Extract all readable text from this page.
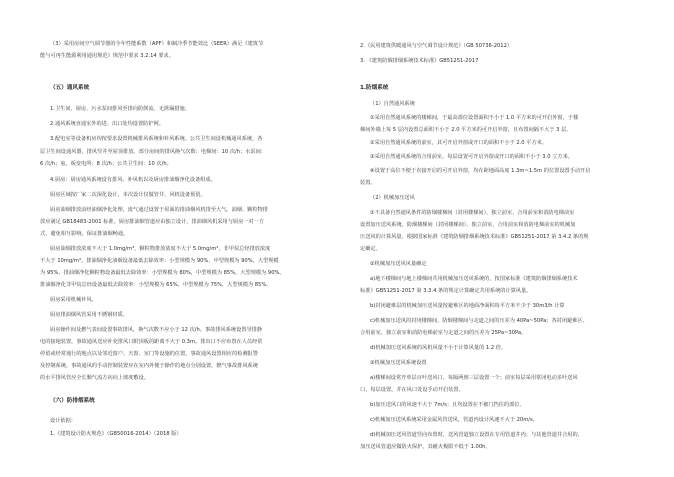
（3）采用房间空气调节器的全年性能系数（APF）和制冷季节能效比（SEER）满足《建筑节
能与可再生能源利用通用规范》规范中要求 3.2.14 要求。
（五）通风系统
1.卫生间、厨房、污水泵间排风至排向防倒流、无泄漏措施。
2.通风系统直通室外的进、出口处均设置防护网。
3.配电室等设备机房均按要求设置机械排风系统和补风系统。公共卫生间设机械通风系统，各
层卫生间设通风器，排风竖井至屋顶排放。部分房间的排风换气次数：电梯间：10 次/h；水泵间：
6 次/h；庖、板变电所：8 次/h；公共卫生间：10 次/h。
4.厨房：厨房通风系统设有排风、补风机以及厨房排油烟净化设备组成。
厨房区域按厂家二次深化设计，本次设计仅做管井、风机设备预留。
厨房油烟排放前经油烟净化处理，废气通过设置于屋面的排油烟风机排至大气。油烟、颗粒物排
放应满足 GB18483-2001 标准。厨房排油烟管道应由独立设计，排油烟风机采用与厨房一对一方
式，避免相互影响，保证排油烟畅通。
厨房油烟排放浓度不大于 1.0mg/m³，颗粒物排放浓度不大于 5.0mg/m³，非甲烷总烃排放浓度
不大于 10mg/m³。排油烟净化油烟设备最低去除效率：小型规模为 90%，中型规模为 90%，大型规模
为 95%。排油烟净化颗粒物设备最低去除效率：小型规模为 80%，中型规模为 85%，大型规模为 90%。
排油烟净化非甲烷总烃设备最低去除效率：小型规模为 65%，中型规模为 75%，大型规模为 85%。
厨房采用机械补风。
厨房排油烟风管采用不锈钢材质。
厨房操作间及燃气表间设置事故排风，换气次数不应小于 12 次/h。事故排风系统设置导排静
电的接地装置。事故通风送应补充排风口附顶板的距离不大于 0.3m。排出口不应布置在人员经常
停留或经常通行的地点以及邻近窗户、天窗、室门等设施的位置。事故通风设置相应的检测报警
及控制系统。事故通风的手动控制装置应在室内外便于操作的地点分别设置。燃气事故排风系统
的水平排风管应全长顺气流方向向上坡度敷设。
（六）防排烟系统
设计依据：
1.《建筑设计防火规范》（GB50016-2014）（2018 版）
2.《民用建筑供暖通风与空气调节设计规范》（GB 50736-2012）
3. 《建筑防烟排烟系统技术标准》GB51251-2017
1.防烟系统
（1）自然通风系统
①采用自然通风系统的楼梯间，于最高部位设置面积不小于 1.0 平方米的可开启外窗，于楼
梯间外墙上每 5 层内设置总面积不小于 2.0 平方米的可开启外窗，且布置间隔不大于 3 层。
②采用自然通风系统的前室，其可开启外窗或开口的面积不小于 2.0 平方米。
③采用自然通风系统的合用前室，每层设置可开启外窗或开口的面积不小于 3.0 立方米。
④设置于高位不便于直接开启的可开启外窗，均在距地面高度 1.3m~1.5m 的位置设置手动开启
装置。
（2）机械加压送风
①不具备自然通风条件的防烟楼梯间（封闭楼梯间）、独立前室、合用前室和消防电梯前室
设置加压送风系统。防烟楼梯间（封闭楼梯间）、独立前室、合用前室和消防电梯前室的机械加
压送风的计算风量，根据国家标准《建筑防烟排烟系统技术标准》GB51251-2017 第 3.4.2 条的规
定确定。
②机械加压送风风量确定
a)地下楼梯间与地上楼梯间共用机械加压送风系统的，按国家标准《建筑防烟排烟系统技术
标准》GB51251-2017 第 3.3.4 条的规定计算确定共用系统的计算风量。
b)封闭避难层的机械加压送风量按避难区的地面净面积每平方米不少于 30m3/h 计算
c)机械加压送风的封闭楼梯间、防烟楼梯间与走道之间的压差为 40Pa~50Pa；各封闭避难区、
合用前室、独立前室和消防电梯前室与走道之间的压差为 25Pa~30Pa。
d)机械加压送风系统的风机风量不小于计算风量的 1.2 倍。
③机械加压送风系统设置
a)楼梯间设常开单层百叶送风口，每隔两到三层设置一个；前室每层采用常闭电动多叶送风
口，每层设置，并在风口处设手动开启装置。
b)加压送风口的风速不大于 7m/s；且均设置在不被门挡住的部位。
c)机械加压送风系统采用金属风管送风，管道内设计风速不大于 20m/s。
d)机械加压送风管道竖向布置时，送风管道独立设置在专用管道井内；与其他管道井合用的，
加压送风管道应做防火保护，其耐火极限不低于 1.00h。
